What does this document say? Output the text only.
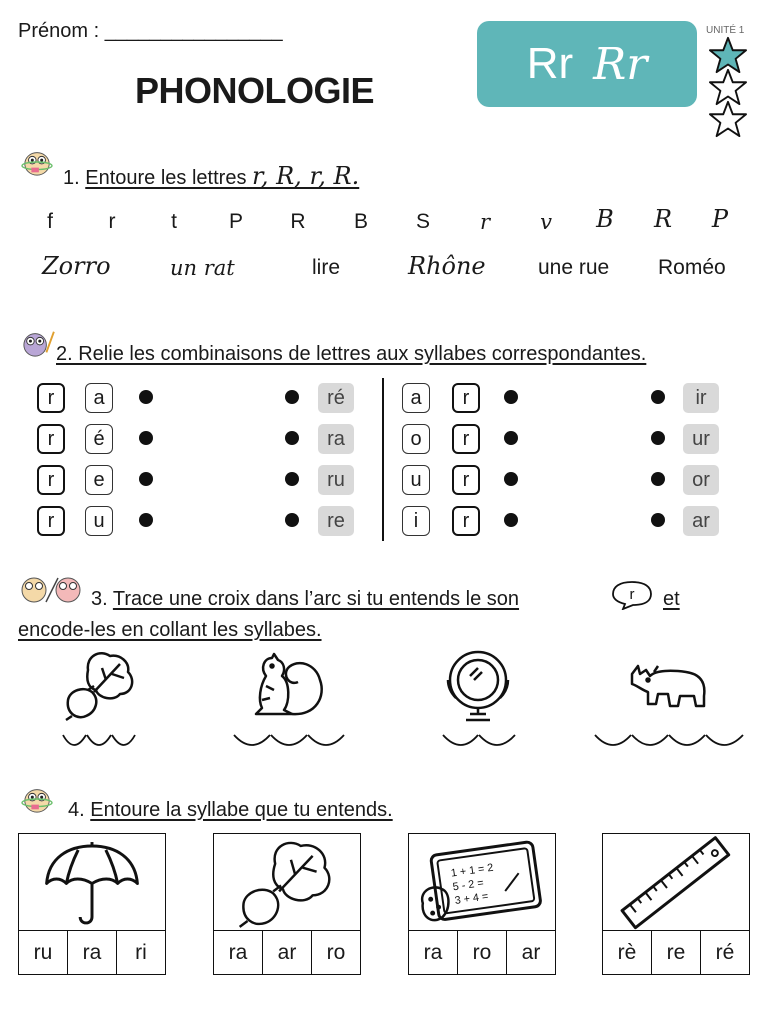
Prénom : ________________
PHONOLOGIE
Rr Rr
UNITÉ 1
1. Entoure les lettres r, R, r, R.
f	r	t	P	R	B	S	r	v	B R P
Zorro	un rat	lire	Rhône une rue Roméo
2. Relie les combinaisons de lettres aux syllabes correspondantes.
r	a
r	é
r	e
r	u
ré
ra
ru
re
a	r
o	r
u	r
i	r
ir
ur
or
ar
3. Trace une croix dans l’arc si tu entends le son	r et
encode-les en collant les syllabes.
4. Entoure la syllabe que tu entends.
ru	ra	ri	ra	ar	ro
1 + 1 = 2
5 - 2 =
3 + 4 =
ra	ro	ar	rè	re	ré
